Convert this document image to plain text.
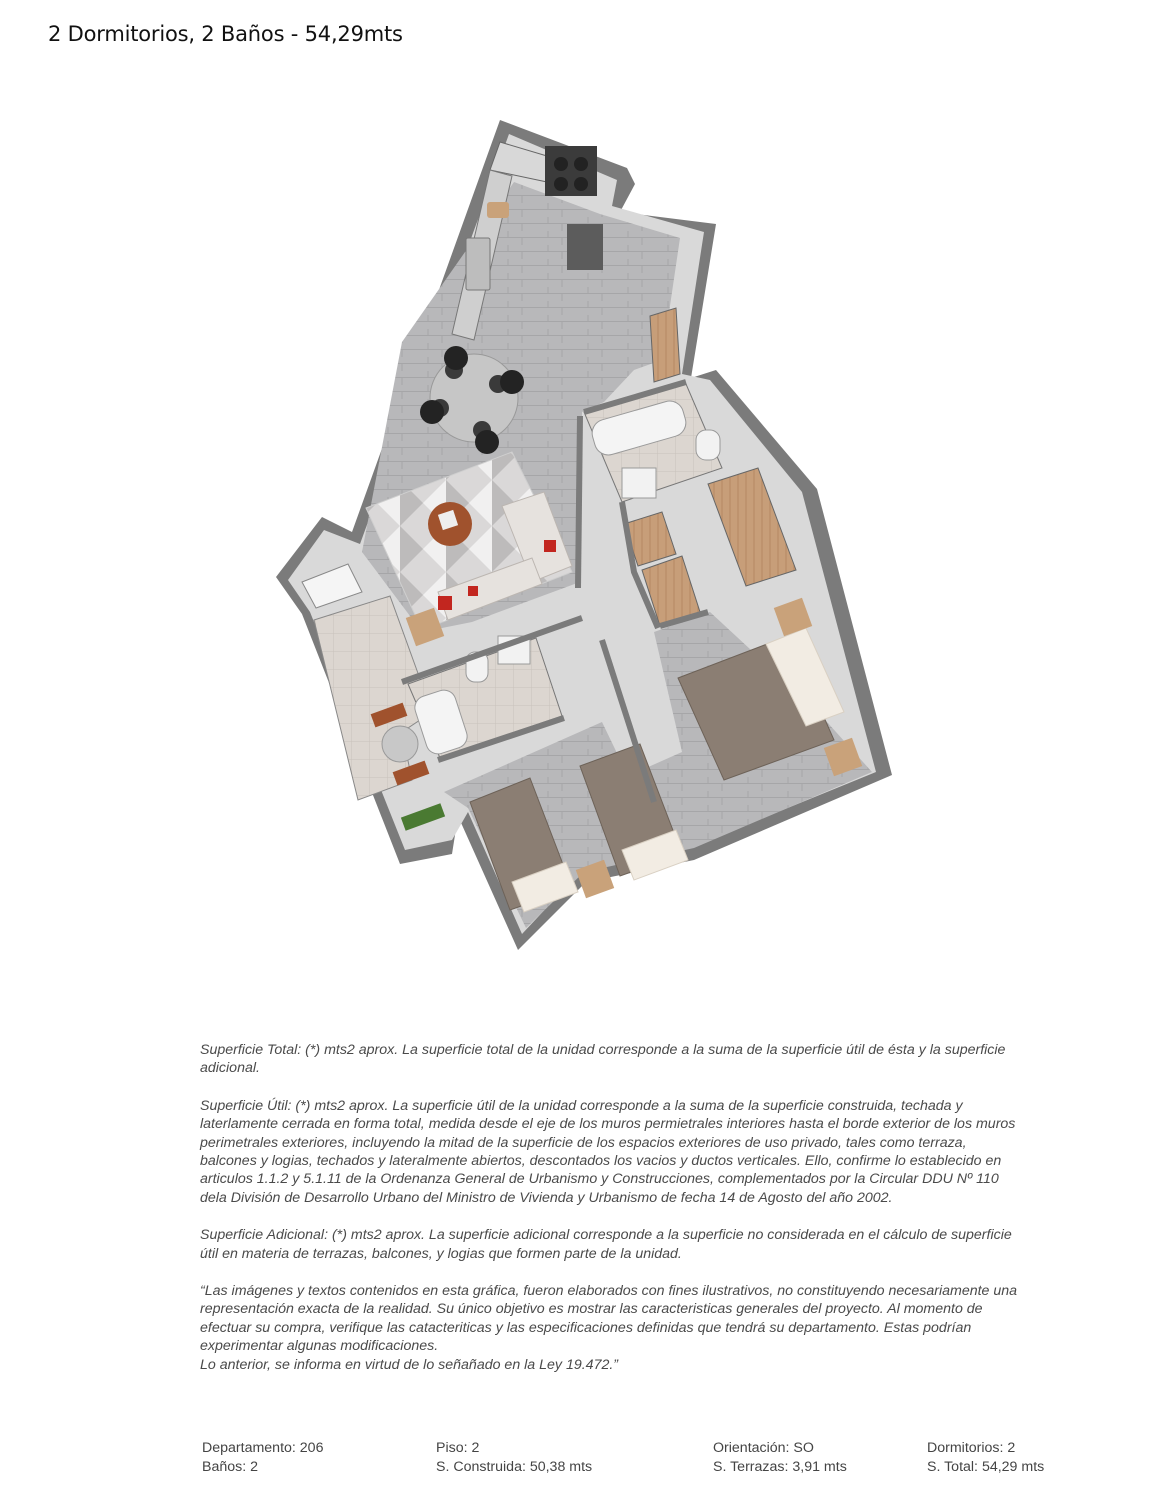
2 Dormitorios, 2 Baños - 54,29mts

Superficie Total: (*) mts2 aprox. La superficie total de la unidad corresponde a la suma de la superficie útil de ésta y la superficie adicional.

Superficie Útil: (*) mts2 aprox. La superficie útil de la unidad corresponde a la suma de la superficie construida, techada y laterlamente cerrada en forma total, medida desde el eje de los muros permietrales interiores hasta el borde exterior de los muros perimetrales exteriores, incluyendo la mitad de la superficie de los espacios exteriores de uso privado, tales como terraza, balcones y logias, techados y lateralmente abiertos, descontados los vacios y ductos verticales. Ello, confirme lo establecido en articulos 1.1.2 y 5.1.11 de la Ordenanza General de Urbanismo y Construcciones, complementados por la Circular DDU Nº 110 dela División de Desarrollo Urbano del Ministro de Vivienda y Urbanismo de fecha 14 de Agosto del año 2002.

Superficie Adicional: (*) mts2 aprox. La superficie adicional corresponde a la superficie no considerada en el cálculo de superficie útil en materia de terrazas, balcones, y logias que formen parte de la unidad.

“Las imágenes y textos contenidos en esta gráfica, fueron elaborados con fines ilustrativos, no constituyendo necesariamente una representación exacta de la realidad. Su único objetivo es mostrar las caracteristicas generales del proyecto. Al momento de efectuar su compra, verifique las catacteriticas y las especificaciones definidas que tendrá su departamento. Estas podrían experimentar algunas modificaciones.

Lo anterior, se informa en virtud de lo señañado en la Ley 19.472.”

Departamento: 206
Baños: 2
Piso: 2
S. Construida: 50,38 mts
Orientación: SO
S. Terrazas: 3,91 mts
Dormitorios: 2
S. Total: 54,29 mts
